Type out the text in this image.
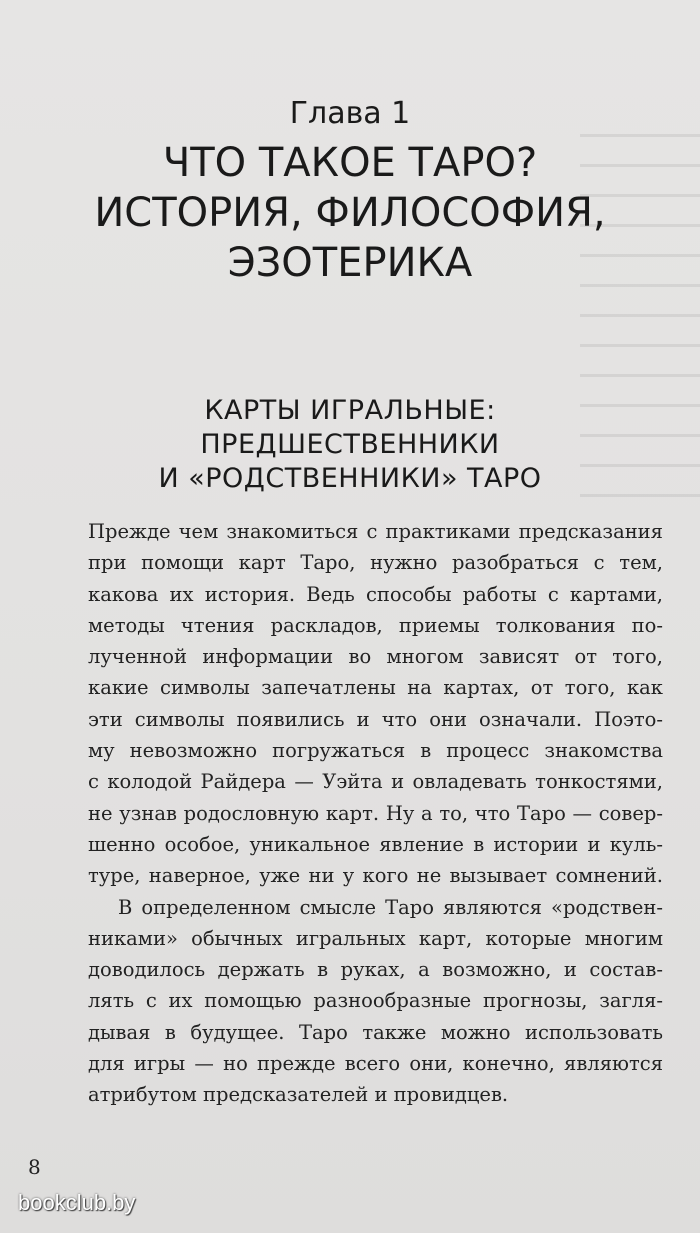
Глава 1
ЧТО ТАКОЕ ТАРО?
ИСТОРИЯ, ФИЛОСОФИЯ,
ЭЗОТЕРИКА
КАРТЫ ИГРАЛЬНЫЕ:
ПРЕДШЕСТВЕННИКИ
И «РОДСТВЕННИКИ» ТАРО
Прежде чем знакомиться с практиками предсказания
при помощи карт Таро, нужно разобраться с тем,
какова их история. Ведь способы работы с картами,
методы чтения раскладов, приемы толкования по-
лученной информации во многом зависят от того,
какие символы запечатлены на картах, от того, как
эти символы появились и что они означали. Поэто-
му невозможно погружаться в процесс знакомства
с колодой Райдера — Уэйта и овладевать тонкостями,
не узнав родословную карт. Ну а то, что Таро — совер-
шенно особое, уникальное явление в истории и куль-
туре, наверное, уже ни у кого не вызывает сомнений.
В определенном смысле Таро являются «родствен-
никами» обычных игральных карт, которые многим
доводилось держать в руках, а возможно, и состав-
лять с их помощью разнообразные прогнозы, загля-
дывая в будущее. Таро также можно использовать
для игры — но прежде всего они, конечно, являются
атрибутом предсказателей и провидцев.
8
bookclub.by
